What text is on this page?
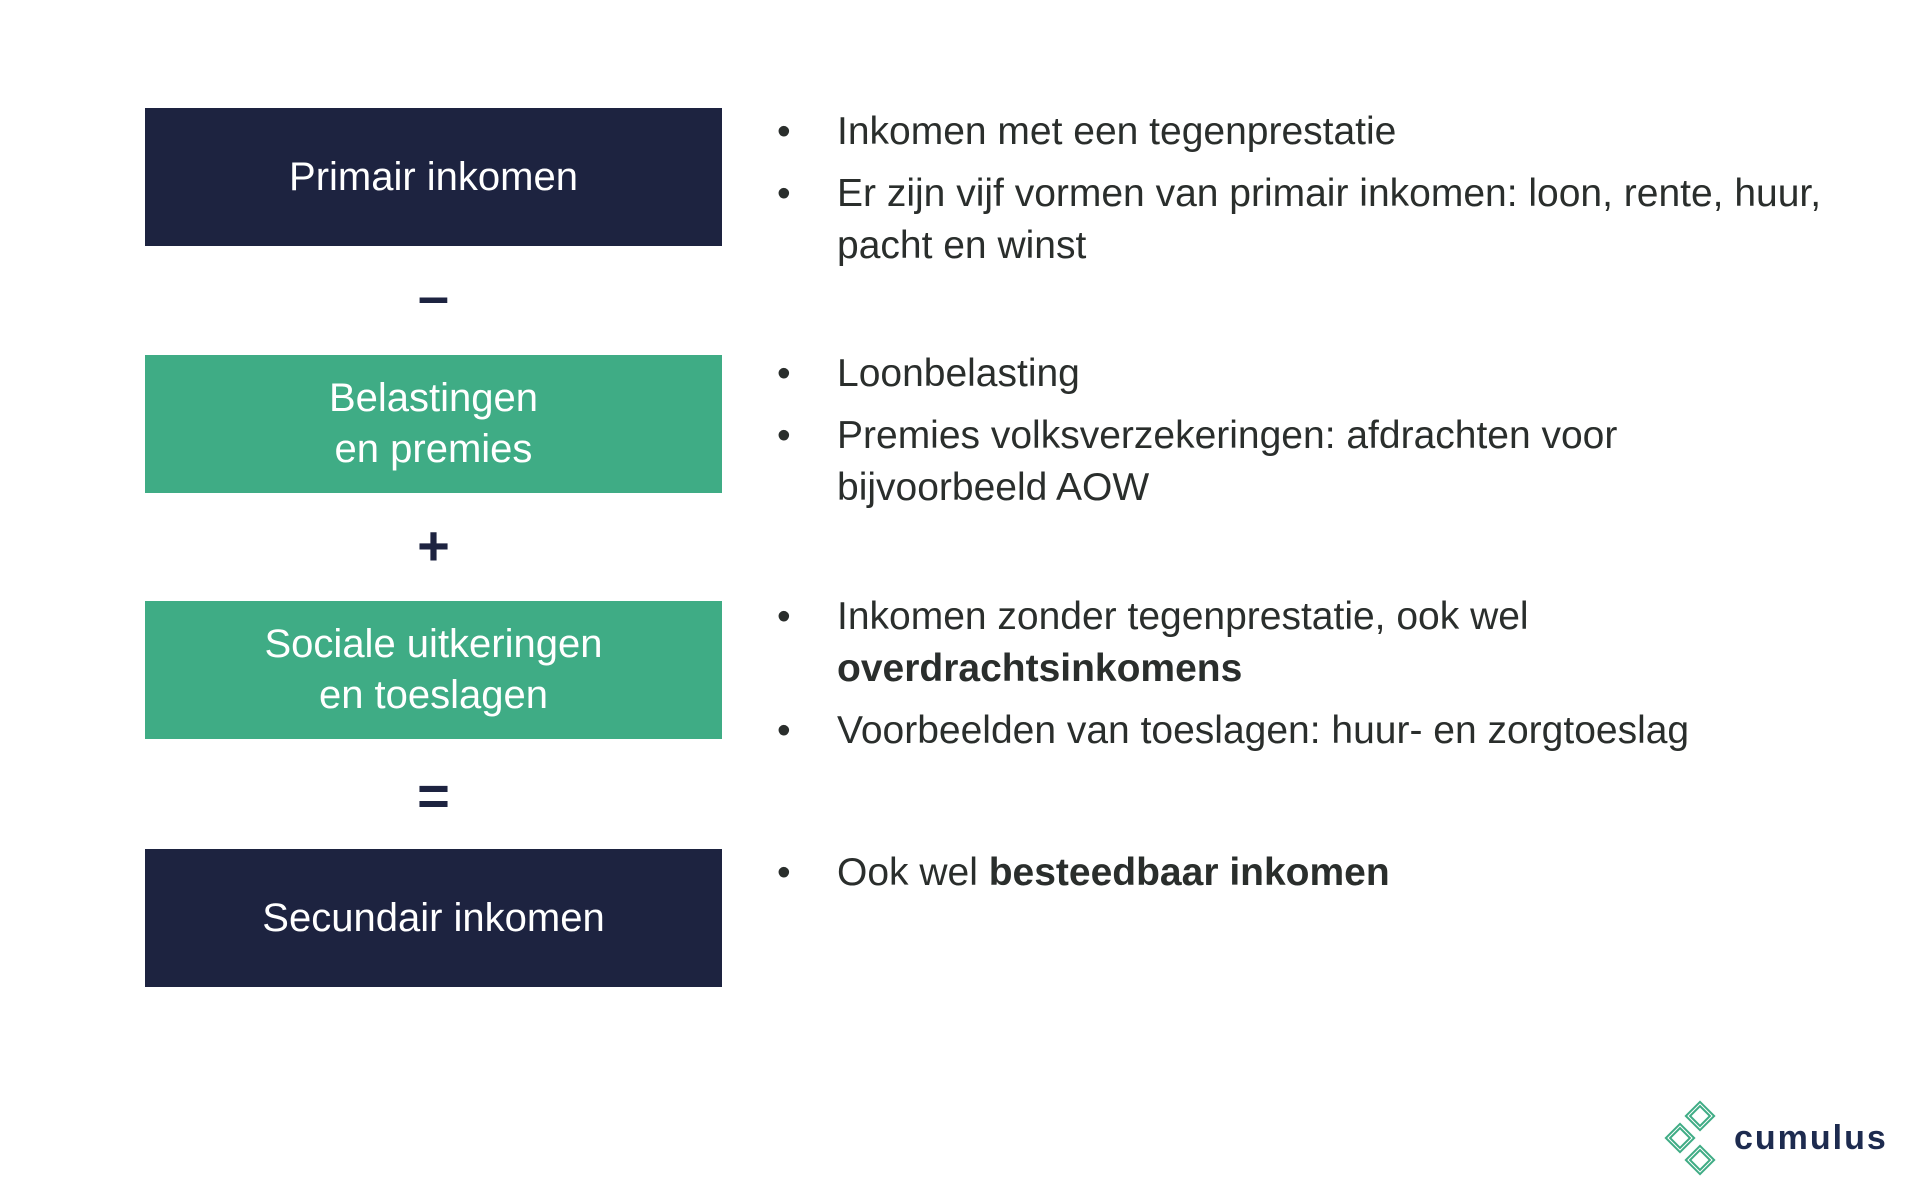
Primair inkomen
–
Belastingen
en premies
+
Sociale uitkeringen
en toeslagen
=
Secundair inkomen
• Inkomen met een tegenprestatie
• Er zijn vijf vormen van primair inkomen: loon, rente, huur, pacht en winst
• Loonbelasting
• Premies volksverzekeringen: afdrachten voor bijvoorbeeld AOW
• Inkomen zonder tegenprestatie, ook wel overdrachtsinkomens
• Voorbeelden van toeslagen: huur- en zorgtoeslag
• Ook wel besteedbaar inkomen
cumulus
